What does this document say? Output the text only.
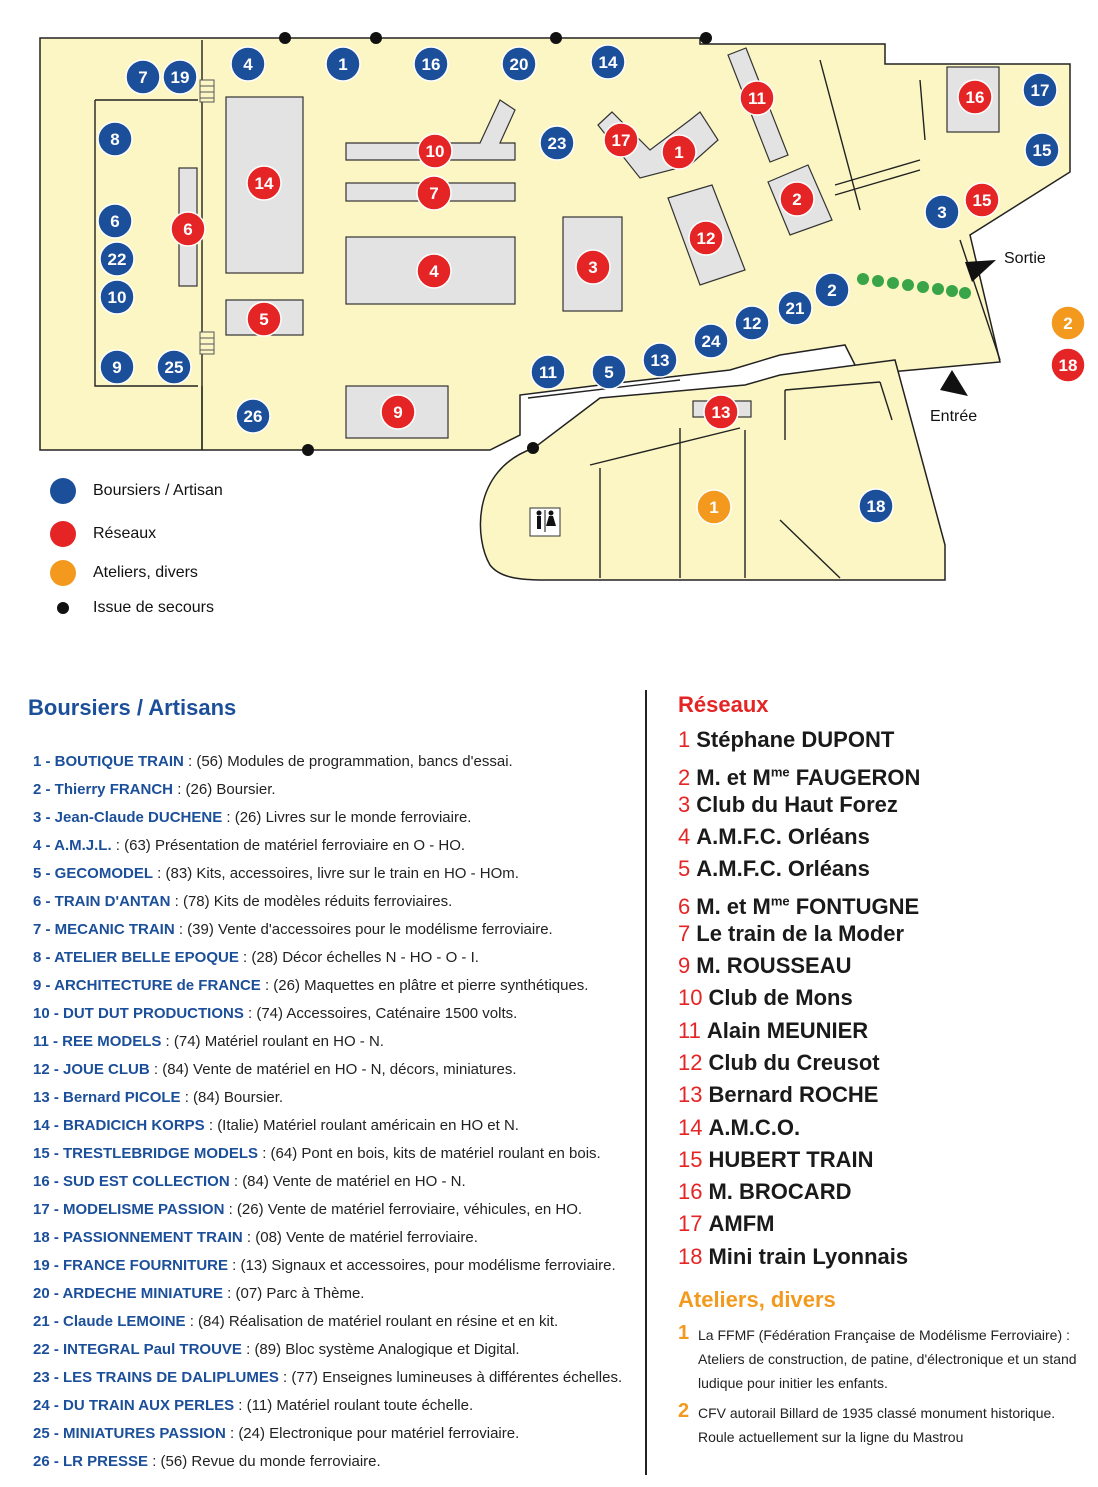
7 19
4	1	16	20	14
8
6
22
10
9	25
26
23
11	5
13
24
12
21
2
3
17
15
18
14
6
5
10
7
4
9
3
17
1
11
12
2
16
15
13
18
2
1
Sortie
Entrée
Boursiers / Artisan
Réseaux
Ateliers, divers
Issue de secours
Boursiers / Artisans
1 - BOUTIQUE TRAIN : (56) Modules de programmation, bancs d'essai.
2 - Thierry FRANCH : (26) Boursier.
3 - Jean-Claude DUCHENE : (26) Livres sur le monde ferroviaire.
4 - A.M.J.L. : (63) Présentation de matériel ferroviaire en O - HO.
5 - GECOMODEL : (83) Kits, accessoires, livre sur le train en HO - HOm.
6 - TRAIN D'ANTAN : (78) Kits de modèles réduits ferroviaires.
7 - MECANIC TRAIN : (39) Vente d'accessoires pour le modélisme ferroviaire.
8 - ATELIER BELLE EPOQUE : (28) Décor échelles N - HO - O - I.
9 - ARCHITECTURE de FRANCE : (26) Maquettes en plâtre et pierre synthétiques.
10 - DUT DUT PRODUCTIONS : (74) Accessoires, Caténaire 1500 volts.
11 - REE MODELS : (74) Matériel roulant en HO - N.
12 - JOUE CLUB : (84) Vente de matériel en HO - N, décors, miniatures.
13 - Bernard PICOLE : (84) Boursier.
14 - BRADICICH KORPS : (Italie) Matériel roulant américain en HO et N.
15 - TRESTLEBRIDGE MODELS : (64) Pont en bois, kits de matériel roulant en bois.
16 - SUD EST COLLECTION : (84) Vente de matériel en HO - N.
17 - MODELISME PASSION : (26) Vente de matériel ferroviaire, véhicules, en HO.
18 - PASSIONNEMENT TRAIN : (08) Vente de matériel ferroviaire.
19 - FRANCE FOURNITURE : (13) Signaux et accessoires, pour modélisme ferroviaire.
20 - ARDECHE MINIATURE : (07) Parc à Thème.
21 - Claude LEMOINE : (84) Réalisation de matériel roulant en résine et en kit.
22 - INTEGRAL Paul TROUVE : (89) Bloc système Analogique et Digital.
23 - LES TRAINS DE DALIPLUMES : (77) Enseignes lumineuses à différentes échelles.
24 - DU TRAIN AUX PERLES : (11) Matériel roulant toute échelle.
25 - MINIATURES PASSION : (24) Electronique pour matériel ferroviaire.
26 - LR PRESSE : (56) Revue du monde ferroviaire.
Réseaux
1 Stéphane DUPONT
2 M. et $M^{me}$ FAUGERON
3 Club du Haut Forez
4 A.M.F.C. Orléans
5 A.M.F.C. Orléans
6 M. et $M^{me}$ FONTUGNE
7 Le train de la Moder
9 M. ROUSSEAU
10 Club de Mons
11 Alain MEUNIER
12 Club du Creusot
13 Bernard ROCHE
14 A.M.C.O.
15 HUBERT TRAIN
16 M. BROCARD
17 AMFM
18 Mini train Lyonnais
Ateliers, divers
1 La FFMF (Fédération Française de Modélisme Ferroviaire) : Ateliers de construction, de patine, d'électronique et un stand ludique pour initier les enfants.
2 CFV autorail Billard de 1935 classé monument historique. Roule actuellement sur la ligne du Mastrou
